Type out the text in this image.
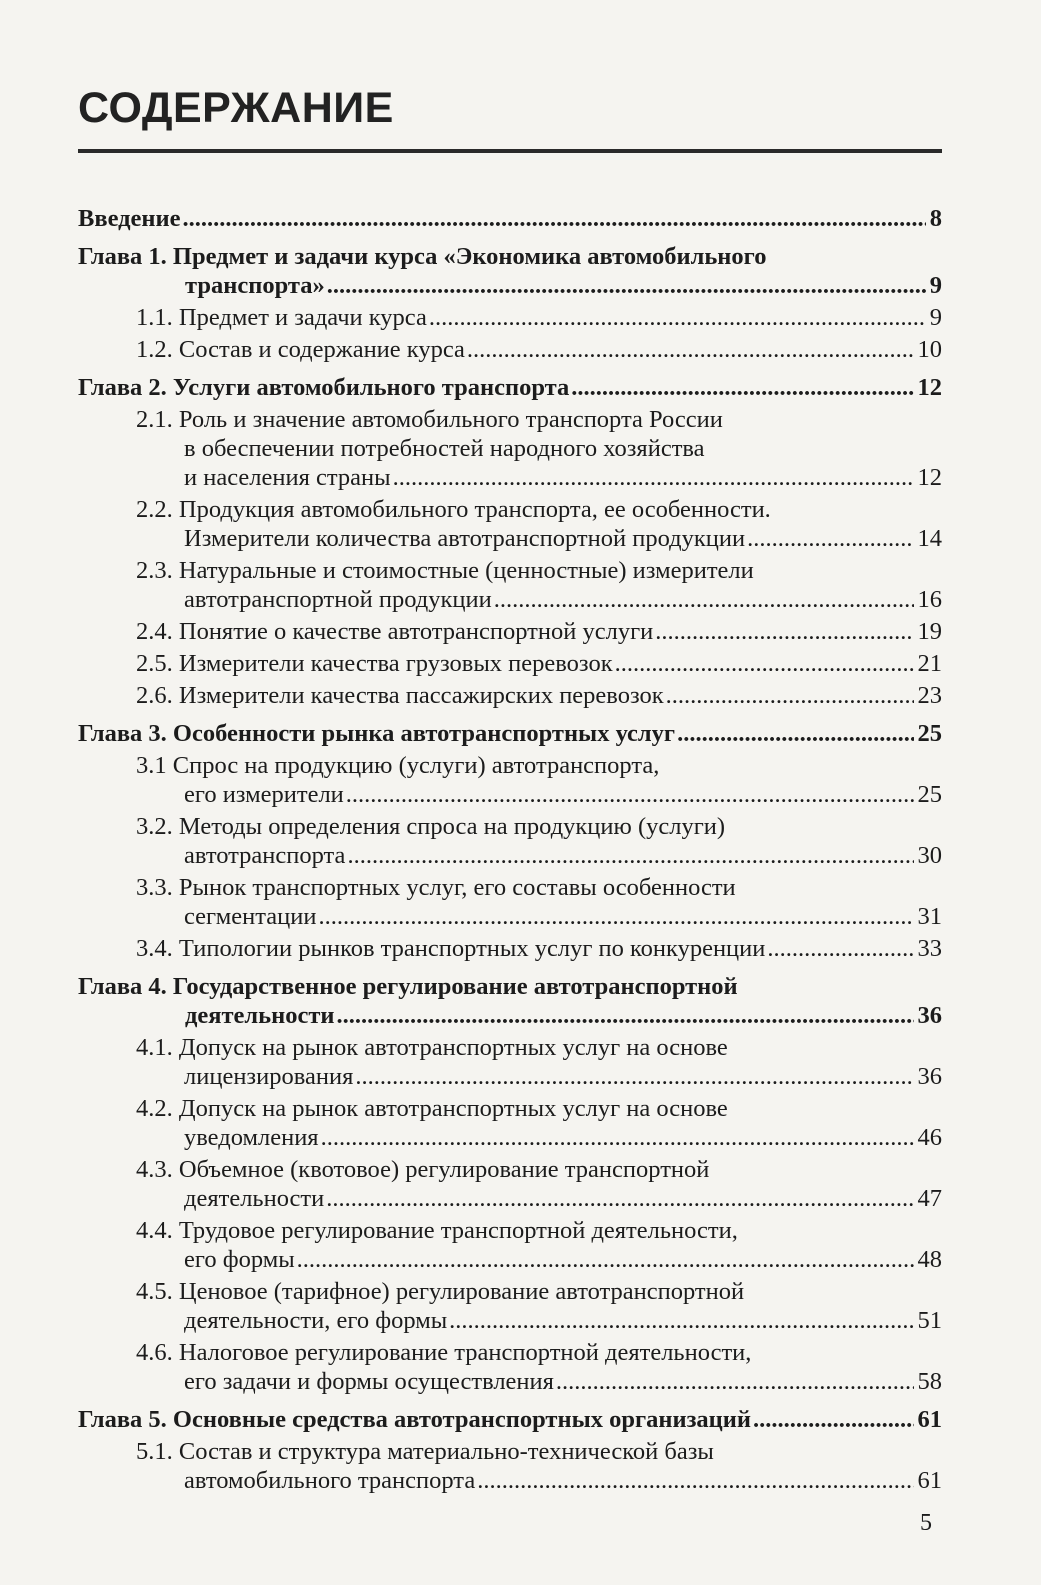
СОДЕРЖАНИЕ
Введение .....	8
Глава 1. Предмет и задачи курса «Экономика автомобильного
транспорта» .....	9
1.1. Предмет и задачи курса .....	9
1.2. Состав и содержание курса .....	10
Глава 2. Услуги автомобильного транспорта .....	12
2.1. Роль и значение автомобильного транспорта России
в обеспечении потребностей народного хозяйства
и населения страны .....	12
2.2. Продукция автомобильного транспорта, ее особенности.
Измерители количества автотранспортной продукции .....	14
2.3. Натуральные и стоимостные (ценностные) измерители
автотранспортной продукции .....	16
2.4. Понятие о качестве автотранспортной услуги .....	19
2.5. Измерители качества грузовых перевозок .....	21
2.6. Измерители качества пассажирских перевозок .....	23
Глава 3. Особенности рынка автотранспортных услуг .....	25
3.1 Спрос на продукцию (услуги) автотранспорта,
его измерители .....	25
3.2. Методы определения спроса на продукцию (услуги)
автотранспорта .....	30
3.3. Рынок транспортных услуг, его составы особенности
сегментации .....	31
3.4. Типологии рынков транспортных услуг по конкуренции .....	33
Глава 4. Государственное регулирование автотранспортной
деятельности .....	36
4.1. Допуск на рынок автотранспортных услуг на основе
лицензирования .....	36
4.2. Допуск на рынок автотранспортных услуг на основе
уведомления .....	46
4.3. Объемное (квотовое) регулирование транспортной
деятельности .....	47
4.4. Трудовое регулирование транспортной деятельности,
его формы .....	48
4.5. Ценовое (тарифное) регулирование автотранспортной
деятельности, его формы .....	51
4.6. Налоговое регулирование транспортной деятельности,
его задачи и формы осуществления .....	58
Глава 5. Основные средства автотранспортных организаций .....	61
5.1. Состав и структура материально-технической базы
автомобильного транспорта .....	61
5
